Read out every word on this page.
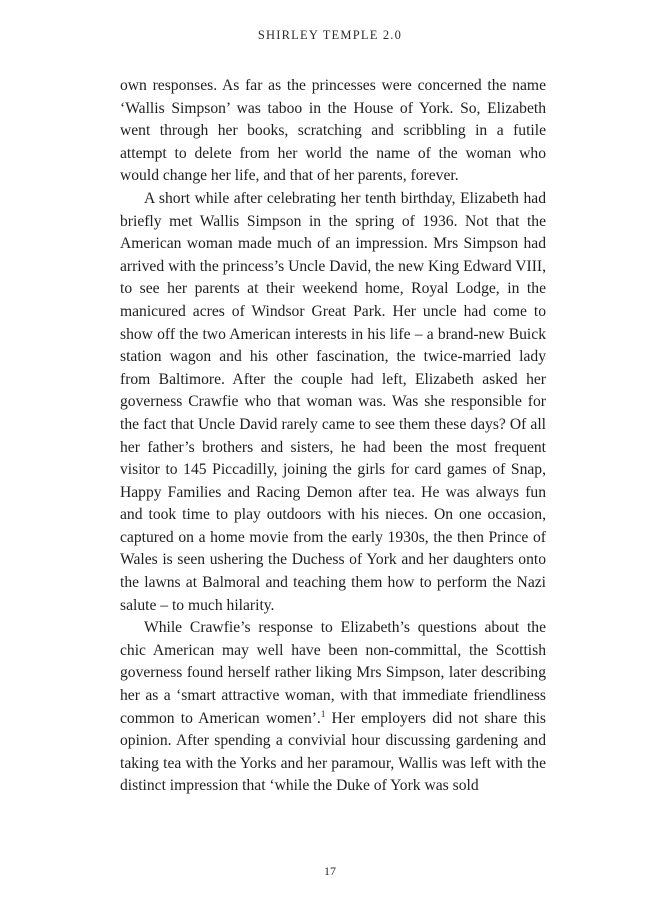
SHIRLEY TEMPLE 2.0

own responses. As far as the princesses were concerned the name ‘Wallis Simpson’ was taboo in the House of York. So, Elizabeth went through her books, scratching and scribbling in a futile attempt to delete from her world the name of the woman who would change her life, and that of her parents, forever.

A short while after celebrating her tenth birthday, Elizabeth had briefly met Wallis Simpson in the spring of 1936. Not that the American woman made much of an impression. Mrs Simpson had arrived with the princess’s Uncle David, the new King Edward VIII, to see her parents at their weekend home, Royal Lodge, in the manicured acres of Windsor Great Park. Her uncle had come to show off the two American interests in his life – a brand-new Buick station wagon and his other fascination, the twice-married lady from Baltimore. After the couple had left, Elizabeth asked her governess Crawfie who that woman was. Was she responsible for the fact that Uncle David rarely came to see them these days? Of all her father’s brothers and sisters, he had been the most frequent visitor to 145 Piccadilly, joining the girls for card games of Snap, Happy Families and Racing Demon after tea. He was always fun and took time to play outdoors with his nieces. On one occasion, captured on a home movie from the early 1930s, the then Prince of Wales is seen ushering the Duchess of York and her daughters onto the lawns at Balmoral and teaching them how to perform the Nazi salute – to much hilarity.

While Crawfie’s response to Elizabeth’s questions about the chic American may well have been non-committal, the Scottish governess found herself rather liking Mrs Simpson, later describing her as a ‘smart attractive woman, with that immediate friendliness common to American women’.$^1$ Her employers did not share this opinion. After spending a convivial hour discussing gardening and taking tea with the Yorks and her paramour, Wallis was left with the distinct impression that ‘while the Duke of York was sold

17
